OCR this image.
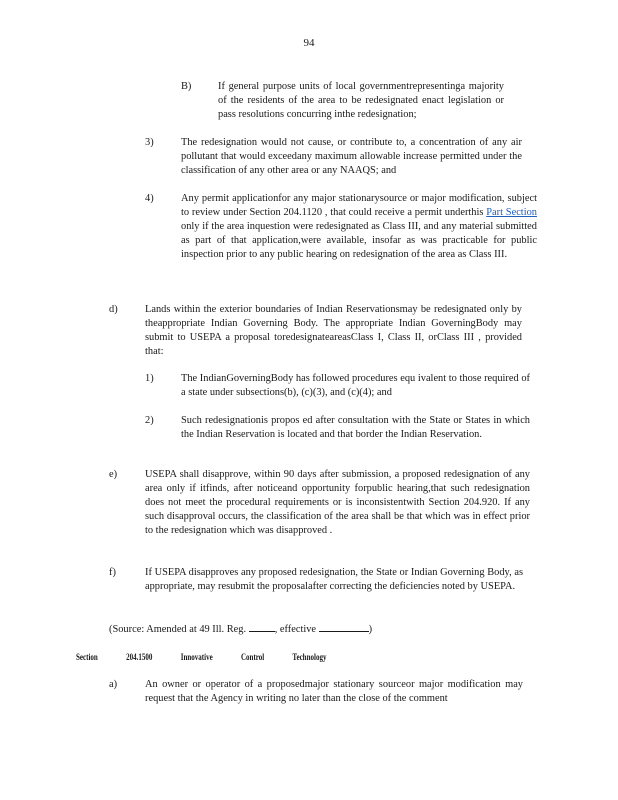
94
B)	If general purpose units of local governmentrepresentinga majority of the residents of the area to be redesignated enact legislation or pass resolutions concurring inthe redesignation;
3)	The redesignation would not cause, or contribute to, a concentration of any air pollutant that would exceedany maximum allowable increase permitted under the classification of any other area or any NAAQS; and
4)	Any permit applicationfor any major stationarysource or major modification, subject to review under Section 204.1120 , that could receive a permit underthis Part Section only if the area inquestion were redesignated as Class III, and any material submitted as part of that application,were available, insofar as was practicable for public inspection prior to any public hearing on redesignation of the area as Class III.
d)	Lands within the exterior boundaries of Indian Reservationsmay be redesignated only by theappropriate Indian Governing Body. The appropriate Indian GoverningBody may submit to USEPA a proposal toredesignateareasClass I, Class II, orClass III , provided that:
1)	The IndianGoverningBody has followed procedures equ ivalent to those required of a state under subsections(b), (c)(3), and (c)(4); and
2)	Such redesignationis propos ed after consultation with the State or States in which the Indian Reservation is located and that border the Indian Reservation.
e)	USEPA shall disapprove, within 90 days after submission, a proposed redesignation of any area only if itfinds, after noticeand opportunity forpublic hearing,that such redesignation does not meet the procedural requirements or is inconsistentwith Section 204.920. If any such disapproval occurs, the classification of the area shall be that which was in effect prior to the redesignation which was disapproved .
f)	If USEPA disapproves any proposed redesignation, the State or Indian Governing Body, as appropriate, may resubmit the proposalafter correcting the deficiencies noted by USEPA.
(Source: Amended at 49 Ill. Reg.	, effective	)
Section	204.1500	Innovative	Control	Technology
a)	An owner or operator of a proposedmajor stationary sourceor major modification may request that the Agency in writing no later than the close of the comment
